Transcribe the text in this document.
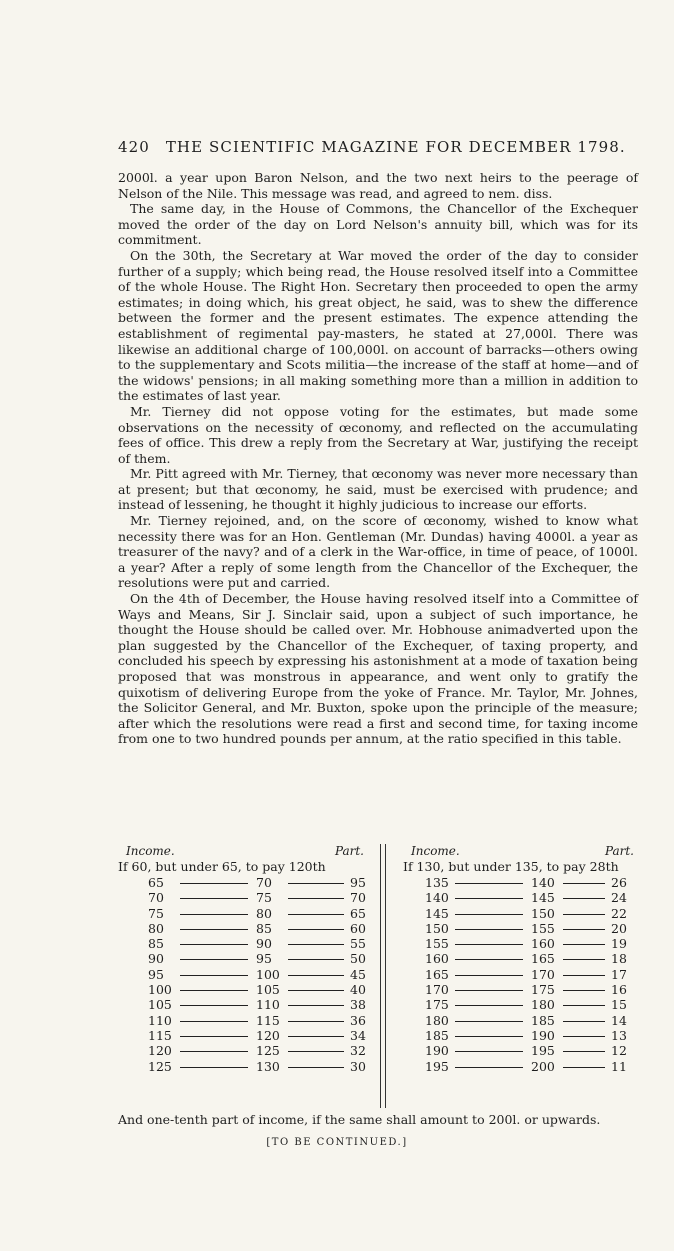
420 THE SCIENTIFIC MAGAZINE FOR DECEMBER 1798.

2000l. a year upon Baron Nelson, and the two next heirs to the peerage of Nelson of the Nile. This message was read, and agreed to nem. diss.

The same day, in the House of Commons, the Chancellor of the Exchequer moved the order of the day on Lord Nelson's annuity bill, which was for its commitment.

On the 30th, the Secretary at War moved the order of the day to consider further of a supply; which being read, the House resolved itself into a Committee of the whole House. The Right Hon. Secretary then proceeded to open the army estimates; in doing which, his great object, he said, was to shew the difference between the former and the present estimates. The expence attending the establishment of regimental pay-masters, he stated at 27,000l. There was likewise an additional charge of 100,000l. on account of barracks—others owing to the supplementary and Scots militia—the increase of the staff at home—and of the widows' pensions; in all making something more than a million in addition to the estimates of last year.

Mr. Tierney did not oppose voting for the estimates, but made some observations on the necessity of œconomy, and reflected on the accumulating fees of office. This drew a reply from the Secretary at War, justifying the receipt of them.

Mr. Pitt agreed with Mr. Tierney, that œconomy was never more necessary than at present; but that œconomy, he said, must be exercised with prudence; and instead of lessening, he thought it highly judicious to increase our efforts.

Mr. Tierney rejoined, and, on the score of œconomy, wished to know what necessity there was for an Hon. Gentleman (Mr. Dundas) having 4000l. a year as treasurer of the navy? and of a clerk in the War-office, in time of peace, of 1000l. a year? After a reply of some length from the Chancellor of the Exchequer, the resolutions were put and carried.

On the 4th of December, the House having resolved itself into a Committee of Ways and Means, Sir J. Sinclair said, upon a subject of such importance, he thought the House should be called over. Mr. Hobhouse animadverted upon the plan suggested by the Chancellor of the Exchequer, of taxing property, and concluded his speech by expressing his astonishment at a mode of taxation being proposed that was monstrous in appearance, and went only to gratify the quixotism of delivering Europe from the yoke of France. Mr. Taylor, Mr. Johnes, the Solicitor General, and Mr. Buxton, spoke upon the principle of the measure; after which the resolutions were read a first and second time, for taxing income from one to two hundred pounds per annum, at the ratio specified in this table.

Income.	Part.
If 60, but under 65, to pay 120th
65	70	95
70	75	70
75	80	65
80	85	60
85	90	55
90	95	50
95	100	45
100	105	40
105	110	38
110	115	36
115	120	34
120	125	32
125	130	30
Income.	Part.
If 130, but under 135, to pay 28th
135	140	26
140	145	24
145	150	22
150	155	20
155	160	19
160	165	18
165	170	17
170	175	16
175	180	15
180	185	14
185	190	13
190	195	12
195	200	11
And one-tenth part of income, if the same shall amount to 200l. or upwards.
[TO BE CONTINUED.]
